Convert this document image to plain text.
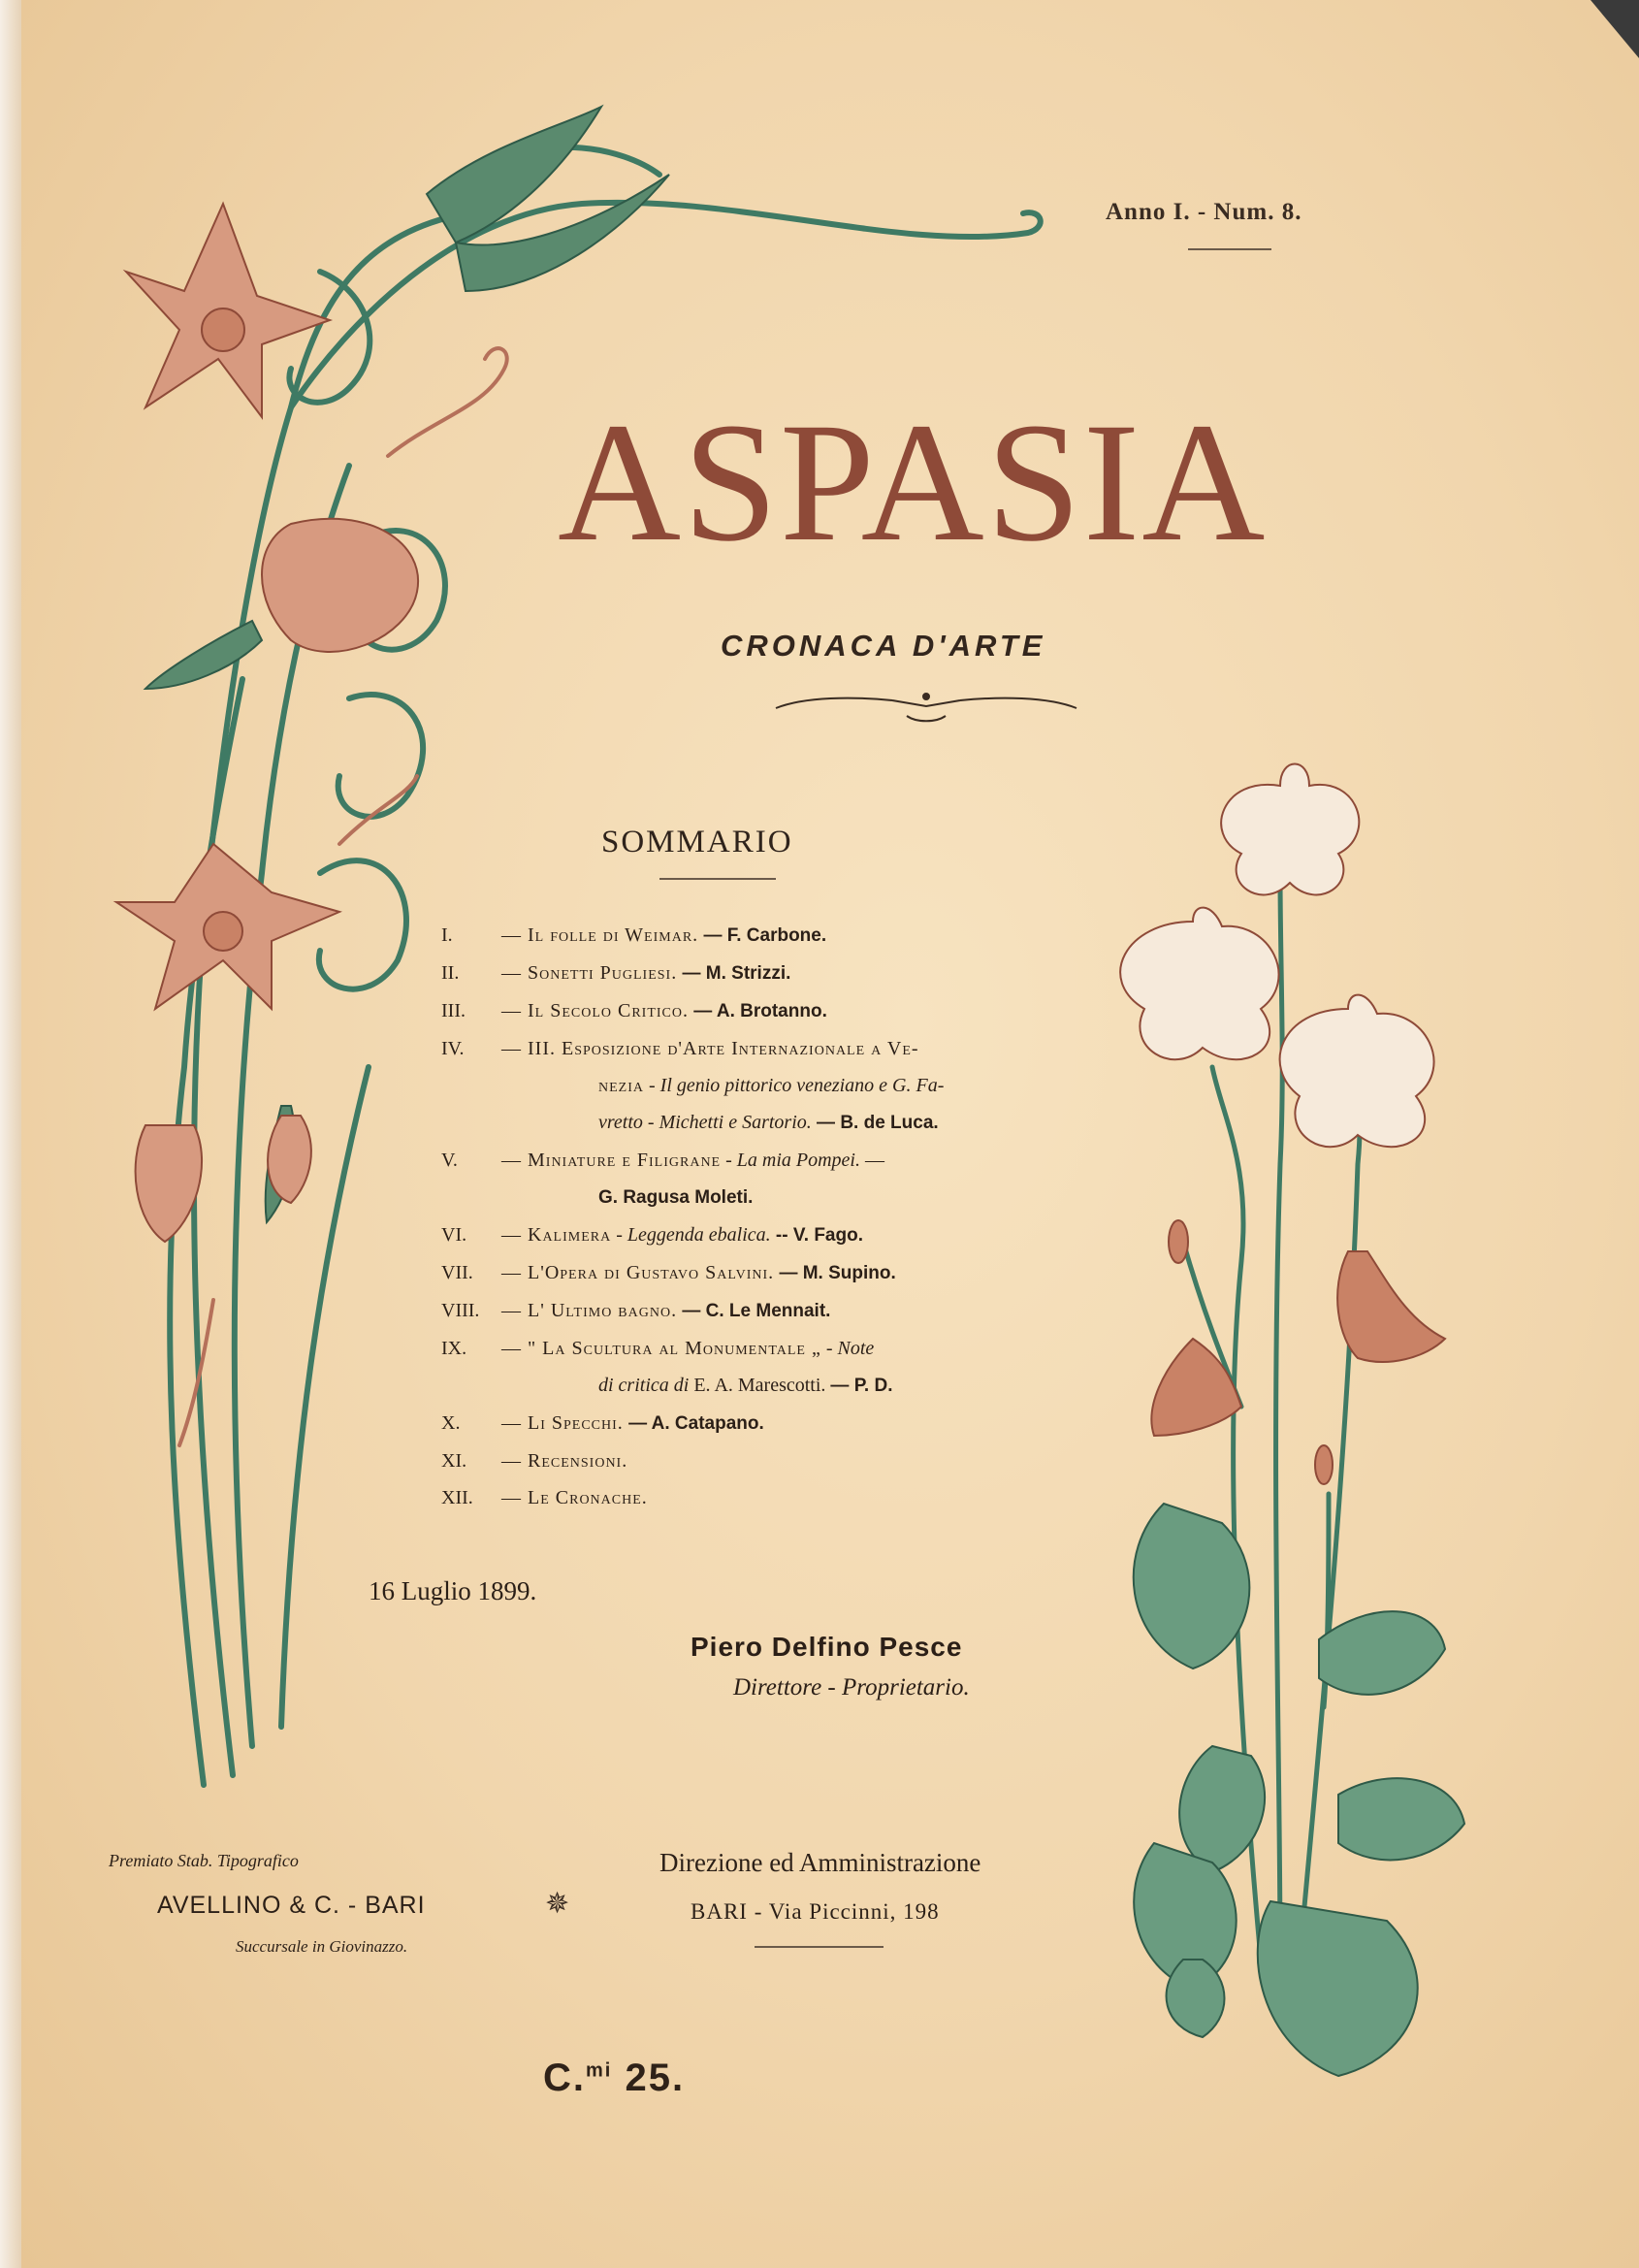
Anno I. - Num. 8.
ASPASIA
CRONACA D'ARTE
SOMMARIO
I.	— Il folle di Weimar. — F. Carbone.
II.	— Sonetti Pugliesi. — M. Strizzi.
III.	— Il Secolo Critico. — A. Brotanno.
IV.	— III. Esposizione d'Arte Internazionale a Ve-
nezia - Il genio pittorico veneziano e G. Fa-
vretto - Michetti e Sartorio. — B. de Luca.
V.	— Miniature e Filigrane - La mia Pompei. —
G. Ragusa Moleti.
VI.	— Kalimera - Leggenda ebalica. -- V. Fago.
VII.	— L'Opera di Gustavo Salvini. — M. Supino.
VIII.	— L' Ultimo bagno. — C. Le Mennait.
IX.	— " La Scultura al Monumentale „ - Note
di critica di E. A. Marescotti. — P. D.
X.	— Li Specchi. — A. Catapano.
XI.	— Recensioni.
XII.	— Le Cronache.
16 Luglio 1899.
Piero Delfino Pesce
Direttore - Proprietario.
Premiato Stab. Tipografico
AVELLINO & C. - BARI
Succursale in Giovinazzo.
✵
Direzione ed Amministrazione
BARI - Via Piccinni, 198
C.$^{mi}$ 25.
